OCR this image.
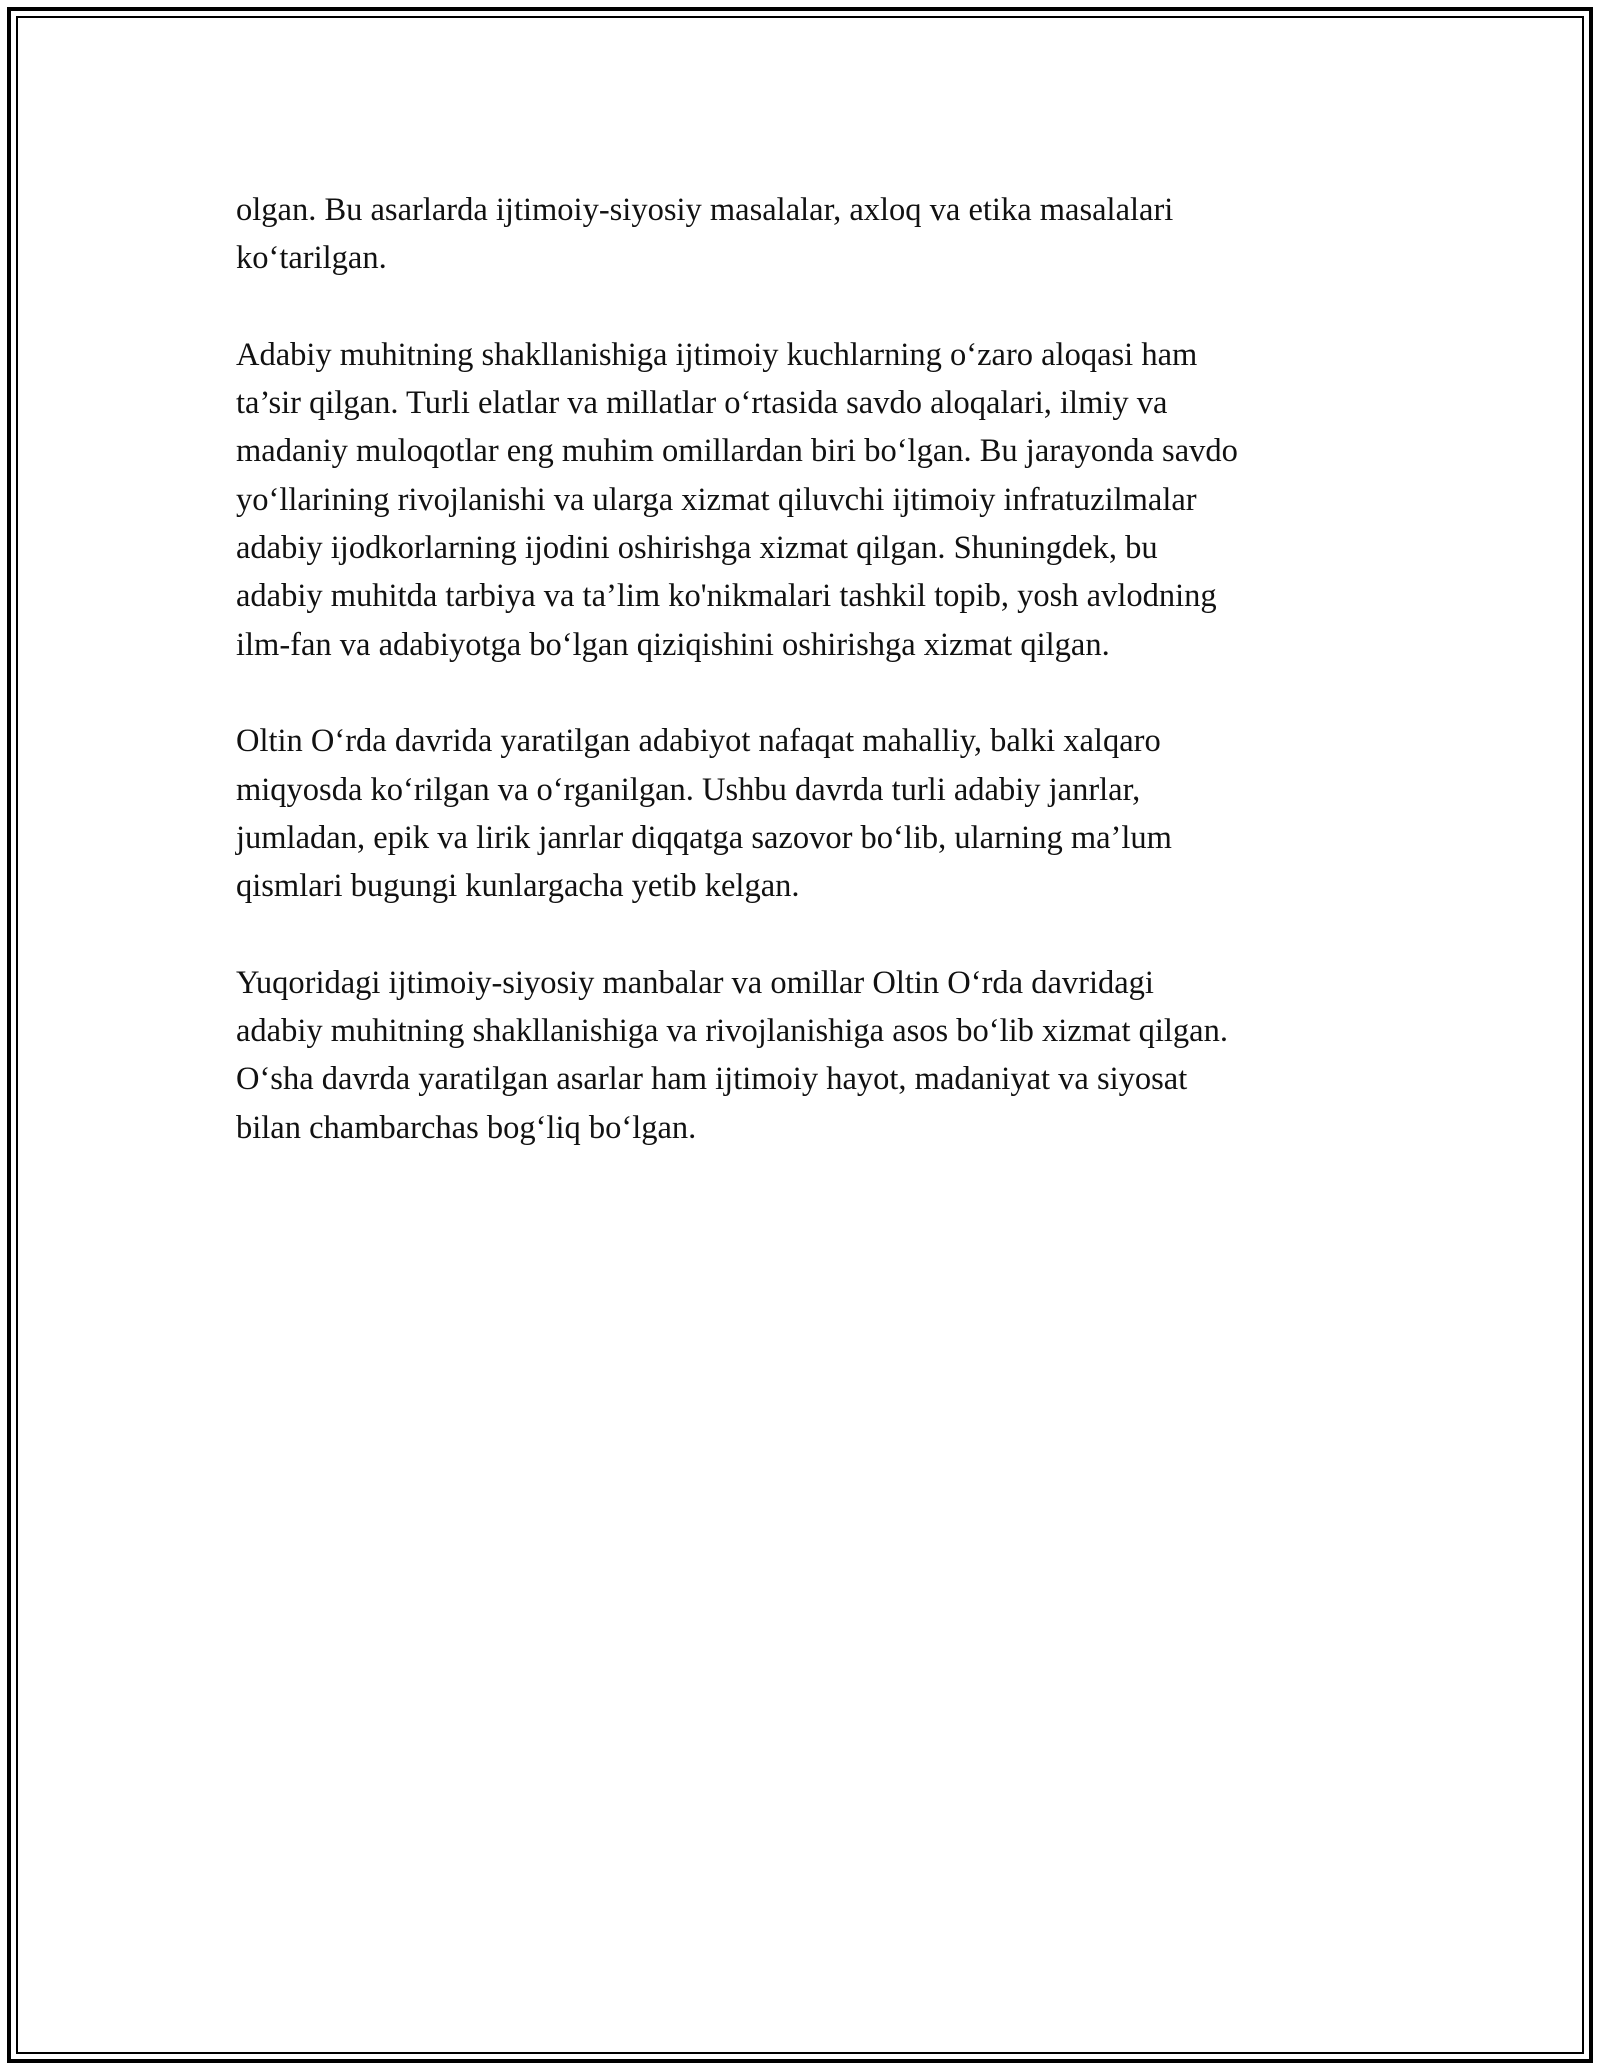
olgan. Bu asarlarda ijtimoiy-siyosiy masalalar, axloq va etika masalalari
ko‘tarilgan.

Adabiy muhitning shakllanishiga ijtimoiy kuchlarning o‘zaro aloqasi ham
ta’sir qilgan. Turli elatlar va millatlar o‘rtasida savdo aloqalari, ilmiy va
madaniy muloqotlar eng muhim omillardan biri bo‘lgan. Bu jarayonda savdo
yo‘llarining rivojlanishi va ularga xizmat qiluvchi ijtimoiy infratuzilmalar
adabiy ijodkorlarning ijodini oshirishga xizmat qilgan. Shuningdek, bu
adabiy muhitda tarbiya va ta’lim ko'nikmalari tashkil topib, yosh avlodning
ilm-fan va adabiyotga bo‘lgan qiziqishini oshirishga xizmat qilgan.

Oltin O‘rda davrida yaratilgan adabiyot nafaqat mahalliy, balki xalqaro
miqyosda ko‘rilgan va o‘rganilgan. Ushbu davrda turli adabiy janrlar,
jumladan, epik va lirik janrlar diqqatga sazovor bo‘lib, ularning ma’lum
qismlari bugungi kunlargacha yetib kelgan.

Yuqoridagi ijtimoiy-siyosiy manbalar va omillar Oltin O‘rda davridagi
adabiy muhitning shakllanishiga va rivojlanishiga asos bo‘lib xizmat qilgan.
O‘sha davrda yaratilgan asarlar ham ijtimoiy hayot, madaniyat va siyosat
bilan chambarchas bog‘liq bo‘lgan.
